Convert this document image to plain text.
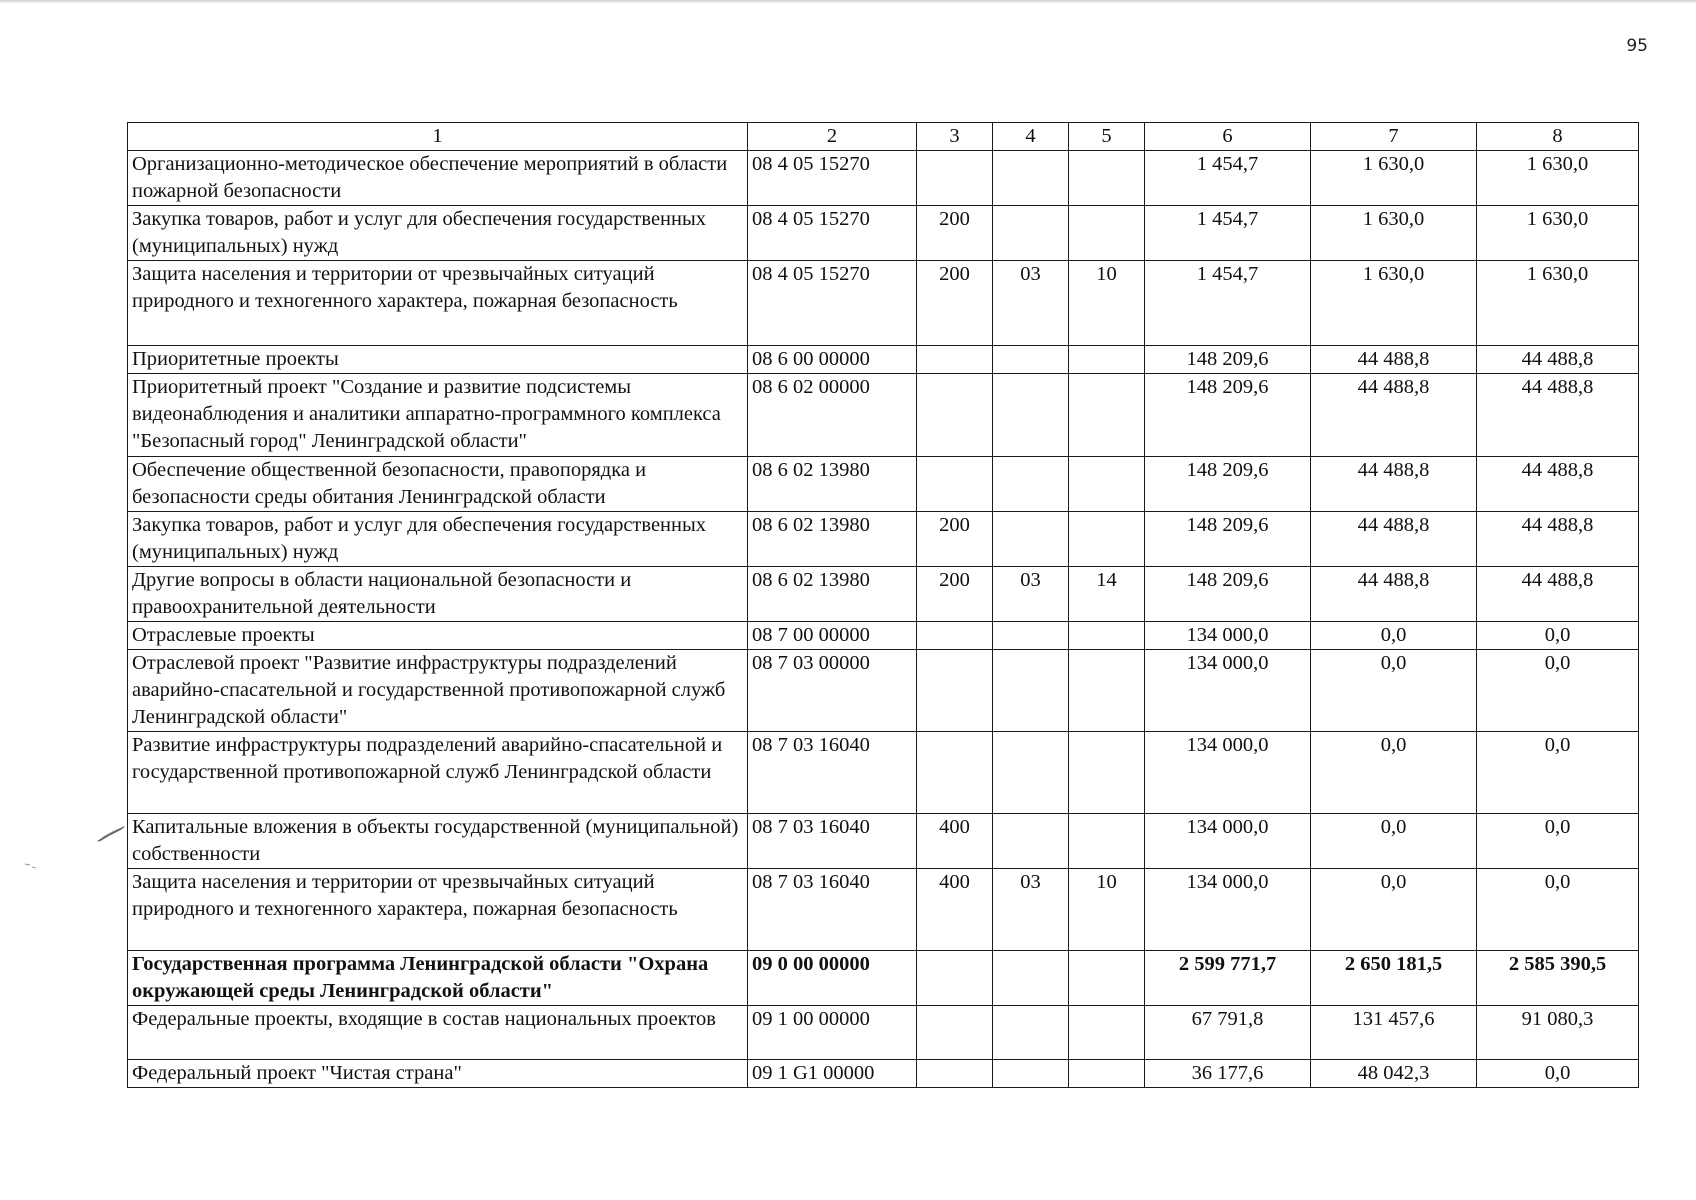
95
1	2	3	4	5	6	7	8
Организационно-методическое обеспечение мероприятий в области пожарной безопасности	08 4 05 15270				1 454,7	1 630,0	1 630,0
Закупка товаров, работ и услуг для обеспечения государственных (муниципальных) нужд	08 4 05 15270	200			1 454,7	1 630,0	1 630,0
Защита населения и территории от чрезвычайных ситуаций природного и техногенного характера, пожарная безопасность	08 4 05 15270	200	03	10	1 454,7	1 630,0	1 630,0
Приоритетные проекты	08 6 00 00000				148 209,6	44 488,8	44 488,8
Приоритетный проект "Создание и развитие подсистемы видеонаблюдения и аналитики аппаратно-программного комплекса "Безопасный город" Ленинградской области"	08 6 02 00000				148 209,6	44 488,8	44 488,8
Обеспечение общественной безопасности, правопорядка и безопасности среды обитания Ленинградской области	08 6 02 13980				148 209,6	44 488,8	44 488,8
Закупка товаров, работ и услуг для обеспечения государственных (муниципальных) нужд	08 6 02 13980	200			148 209,6	44 488,8	44 488,8
Другие вопросы в области национальной безопасности и правоохранительной деятельности	08 6 02 13980	200	03	14	148 209,6	44 488,8	44 488,8
Отраслевые проекты	08 7 00 00000				134 000,0	0,0	0,0
Отраслевой проект "Развитие инфраструктуры подразделений аварийно-спасательной и государственной противопожарной служб Ленинградской области"	08 7 03 00000				134 000,0	0,0	0,0
Развитие инфраструктуры подразделений аварийно-спасательной и государственной противопожарной служб Ленинградской области	08 7 03 16040				134 000,0	0,0	0,0
Капитальные вложения в объекты государственной (муниципальной) собственности	08 7 03 16040	400			134 000,0	0,0	0,0
Защита населения и территории от чрезвычайных ситуаций природного и техногенного характера, пожарная безопасность	08 7 03 16040	400	03	10	134 000,0	0,0	0,0
Государственная программа Ленинградской области "Охрана окружающей среды Ленинградской области"	09 0 00 00000				2 599 771,7	2 650 181,5	2 585 390,5
Федеральные проекты, входящие в состав национальных проектов	09 1 00 00000				67 791,8	131 457,6	91 080,3
Федеральный проект "Чистая страна"	09 1 G1 00000				36 177,6	48 042,3	0,0
